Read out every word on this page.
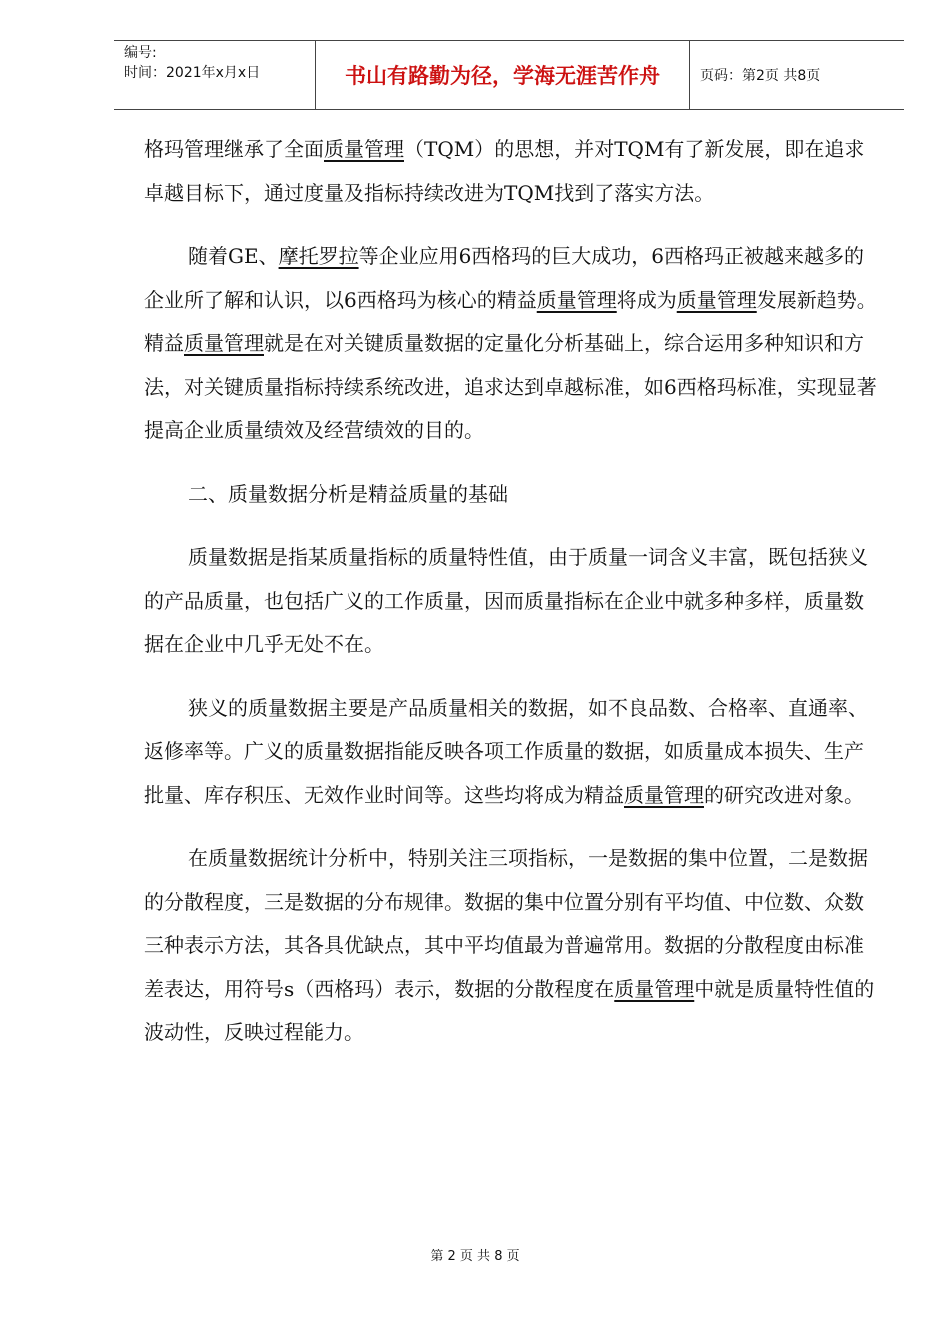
编号:
时间：2021年x月x日	书山有路勤为径，学海无涯苦作舟	页码：第2页 共8页

格玛管理继承了全面质量管理（TQM）的思想，并对TQM有了新发展，即在追求卓越目标下，通过度量及指标持续改进为TQM找到了落实方法。

随着GE、摩托罗拉等企业应用6西格玛的巨大成功，6西格玛正被越来越多的企业所了解和认识，以6西格玛为核心的精益质量管理将成为质量管理发展新趋势。精益质量管理就是在对关键质量数据的定量化分析基础上，综合运用多种知识和方法，对关键质量指标持续系统改进，追求达到卓越标准，如6西格玛标准，实现显著提高企业质量绩效及经营绩效的目的。

二、质量数据分析是精益质量的基础

质量数据是指某质量指标的质量特性值，由于质量一词含义丰富，既包括狭义的产品质量，也包括广义的工作质量，因而质量指标在企业中就多种多样，质量数据在企业中几乎无处不在。

狭义的质量数据主要是产品质量相关的数据，如不良品数、合格率、直通率、返修率等。广义的质量数据指能反映各项工作质量的数据，如质量成本损失、生产批量、库存积压、无效作业时间等。这些均将成为精益质量管理的研究改进对象。

在质量数据统计分析中，特别关注三项指标，一是数据的集中位置，二是数据的分散程度，三是数据的分布规律。数据的集中位置分别有平均值、中位数、众数三种表示方法，其各具优缺点，其中平均值最为普遍常用。数据的分散程度由标准差表达，用符号s（西格玛）表示，数据的分散程度在质量管理中就是质量特性值的波动性，反映过程能力。

第 2 页 共 8 页
